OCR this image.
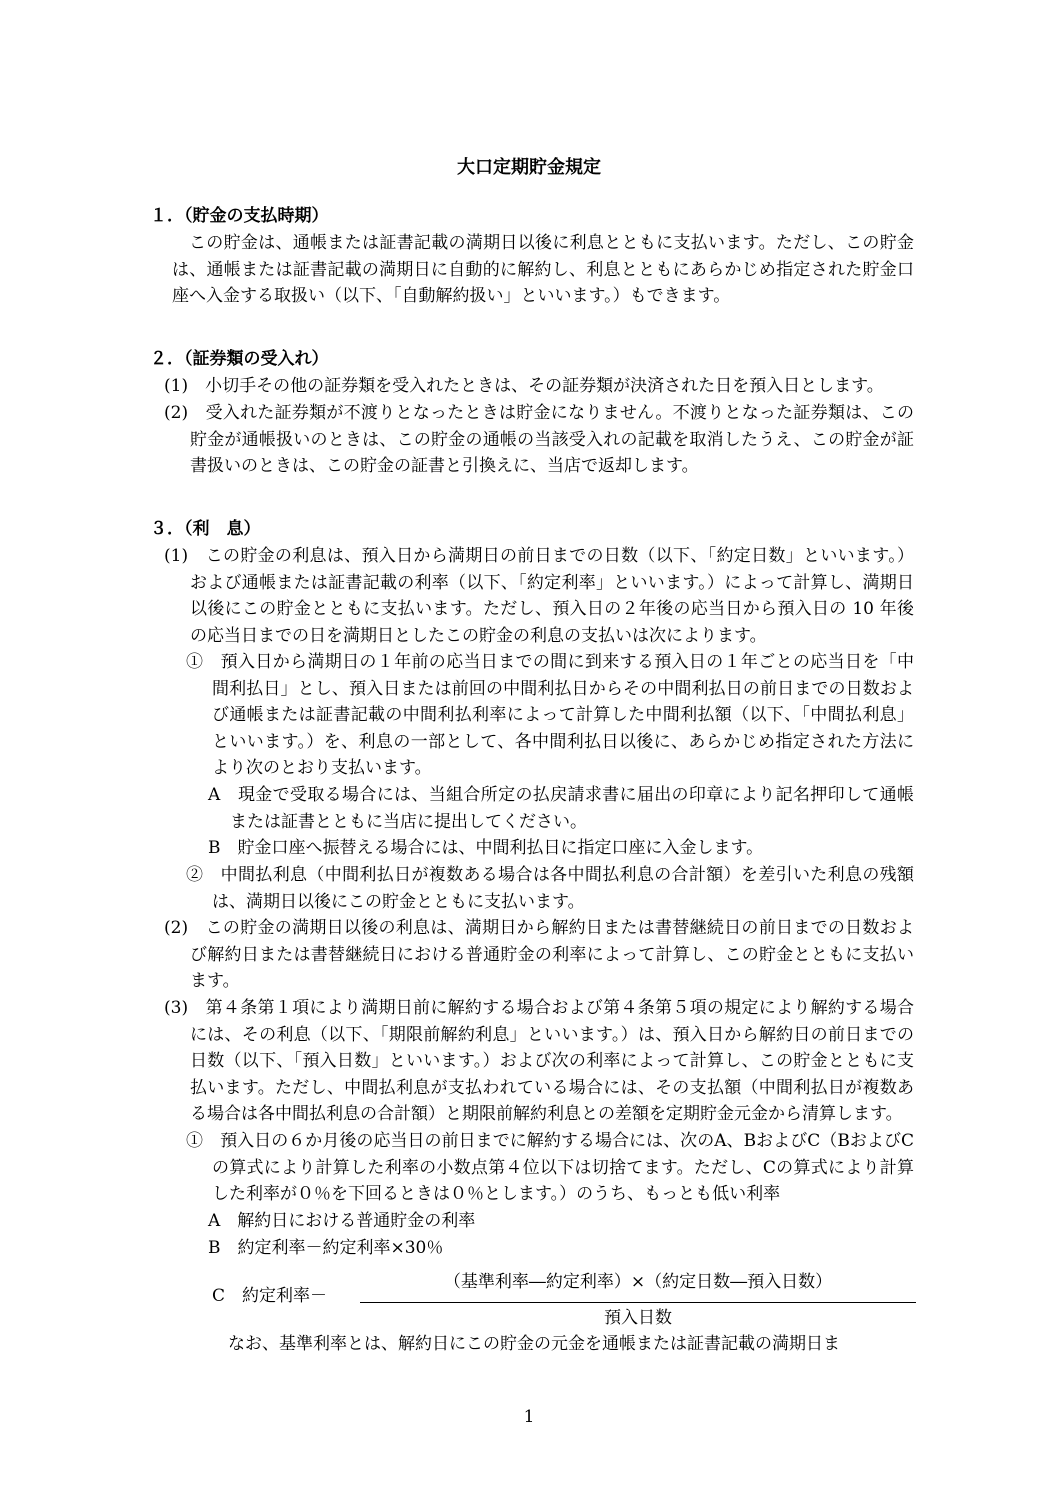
大口定期貯金規定
１．（貯金の支払時期）

この貯金は、通帳または証書記載の満期日以後に利息とともに支払います。ただし、この貯金は、通帳または証書記載の満期日に自動的に解約し、利息とともにあらかじめ指定された貯金口座へ入金する取扱い（以下、「自動解約扱い」といいます。）もできます。

２．（証券類の受入れ）

(1)　小切手その他の証券類を受入れたときは、その証券類が決済された日を預入日とします。

(2)　受入れた証券類が不渡りとなったときは貯金になりません。不渡りとなった証券類は、この貯金が通帳扱いのときは、この貯金の通帳の当該受入れの記載を取消したうえ、この貯金が証書扱いのときは、この貯金の証書と引換えに、当店で返却します。

３．（利　息）

(1)　この貯金の利息は、預入日から満期日の前日までの日数（以下、「約定日数」といいます。）および通帳または証書記載の利率（以下、「約定利率」といいます。）によって計算し、満期日以後にこの貯金とともに支払います。ただし、預入日の２年後の応当日から預入日の 10 年後の応当日までの日を満期日としたこの貯金の利息の支払いは次によります。

①　預入日から満期日の１年前の応当日までの間に到来する預入日の１年ごとの応当日を「中間利払日」とし、預入日または前回の中間利払日からその中間利払日の前日までの日数および通帳または証書記載の中間利払利率によって計算した中間利払額（以下、「中間払利息」といいます。）を、利息の一部として、各中間利払日以後に、あらかじめ指定された方法により次のとおり支払います。

A　現金で受取る場合には、当組合所定の払戻請求書に届出の印章により記名押印して通帳または証書とともに当店に提出してください。

B　貯金口座へ振替える場合には、中間利払日に指定口座に入金します。

②　中間払利息（中間利払日が複数ある場合は各中間払利息の合計額）を差引いた利息の残額は、満期日以後にこの貯金とともに支払います。

(2)　この貯金の満期日以後の利息は、満期日から解約日または書替継続日の前日までの日数および解約日または書替継続日における普通貯金の利率によって計算し、この貯金とともに支払います。

(3)　第４条第１項により満期日前に解約する場合および第４条第５項の規定により解約する場合には、その利息（以下、「期限前解約利息」といいます。）は、預入日から解約日の前日までの日数（以下、「預入日数」といいます。）および次の利率によって計算し、この貯金とともに支払います。ただし、中間払利息が支払われている場合には、その支払額（中間利払日が複数ある場合は各中間払利息の合計額）と期限前解約利息との差額を定期貯金元金から清算します。

①　預入日の６か月後の応当日の前日までに解約する場合には、次のA、BおよびC（BおよびCの算式により計算した利率の小数点第４位以下は切捨てます。ただし、Cの算式により計算した利率が０％を下回るときは０％とします。）のうち、もっとも低い利率

A　解約日における普通貯金の利率

B　約定利率－約定利率×30％

C　約定利率－
（基準利率―約定利率）×（約定日数―預入日数）
預入日数

なお、基準利率とは、解約日にこの貯金の元金を通帳または証書記載の満期日ま

1
